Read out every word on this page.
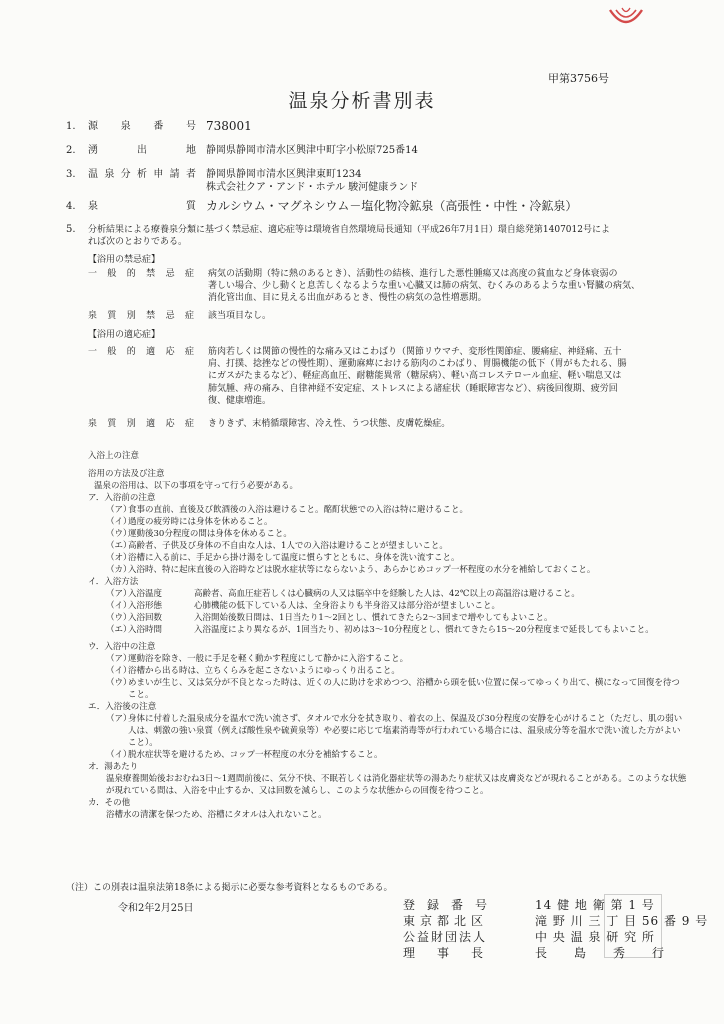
甲第3756号
温泉分析書別表
1.	源 泉 番 号 738001
2.	湧	出	地 静岡県静岡市清水区興津中町字小松原725番14
3.	温 泉 分 析 申 請 者 静岡県静岡市清水区興津東町1234
株式会社クア・アンド・ホテル 駿河健康ランド
4.	泉	質 カルシウム・マグネシウム－塩化物冷鉱泉（高張性・中性・冷鉱泉）
5. 分析結果による療養泉分類に基づく禁忌症、適応症等は環境省自然環境局長通知（平成26年7月1日）環自総発第1407012号によ
れば次のとおりである。
【浴用の禁忌症】
一 般 的 禁 忌 症 病気の活動期（特に熱のあるとき）、活動性の結核、進行した悪性腫瘍又は高度の貧血など身体衰弱の
著しい場合、少し動くと息苦しくなるような重い心臓又は肺の病気、むくみのあるような重い腎臓の病気、
消化管出血、目に見える出血があるとき、慢性の病気の急性増悪期。
泉 質 別 禁 忌 症 該当項目なし。
【浴用の適応症】
一 般 的 適 応 症 筋肉若しくは関節の慢性的な痛み又はこわばり（関節リウマチ、変形性関節症、腰痛症、神経痛、五十
肩、打撲、捻挫などの慢性期）、運動麻痺における筋肉のこわばり、胃腸機能の低下（胃がもたれる、腸
にガスがたまるなど）、軽症高血圧、耐糖能異常（糖尿病）、軽い高コレステロール血症、軽い喘息又は
肺気腫、痔の痛み、自律神経不安定症、ストレスによる諸症状（睡眠障害など）、病後回復期、疲労回
復、健康増進。
泉 質 別 適 応 症 きりきず、末梢循環障害、冷え性、うつ状態、皮膚乾燥症。
入浴上の注意
浴用の方法及び注意
温泉の浴用は、以下の事項を守って行う必要がある。
ア．入浴前の注意
（ア）
食事の直前、直後及び飲酒後の入浴は避けること。酩酊状態での入浴は特に避けること。
（イ）
過度の疲労時には身体を休めること。
（ウ）
運動後30分程度の間は身体を休めること。
（エ）
高齢者、子供及び身体の不自由な人は、1人での入浴は避けることが望ましいこと。
（オ）
浴槽に入る前に、手足から掛け湯をして温度に慣らすとともに、身体を洗い流すこと。
（カ）
入浴時、特に起床直後の入浴時などは脱水症状等にならないよう、あらかじめコップ一杯程度の水分を補給しておくこと。
イ．入浴方法
（ア）
入浴温度	高齢者、高血圧症若しくは心臓病の人又は脳卒中を経験した人は、42℃以上の高温浴は避けること。
（イ）
入浴形態	心肺機能の低下している人は、全身浴よりも半身浴又は部分浴が望ましいこと。
（ウ）
入浴回数	入浴開始後数日間は、1日当たり1～2回とし、慣れてきたら2～3回まで増やしてもよいこと。
（エ）
入浴時間	入浴温度により異なるが、1回当たり、初めは3～10分程度とし、慣れてきたら15～20分程度まで延長してもよいこと。
ウ．入浴中の注意
（ア）
運動浴を除き、一般に手足を軽く動かす程度にして静かに入浴すること。
（イ）
浴槽から出る時は、立ちくらみを起こさないようにゆっくり出ること。
（ウ）
めまいが生じ、又は気分が不良となった時は、近くの人に助けを求めつつ、浴槽から頭を低い位置に保ってゆっくり出て、横になって回復を待つこと。
エ．入浴後の注意
（ア）
身体に付着した温泉成分を温水で洗い流さず、タオルで水分を拭き取り、着衣の上、保温及び30分程度の安静を心がけること（ただし、肌の弱い人は、刺激の強い泉質（例えば酸性泉や硫黄泉等）や必要に応じて塩素消毒等が行われている場合には、温泉成分等を温水で洗い流した方がよいこと）。
（イ）
脱水症状等を避けるため、コップ一杯程度の水分を補給すること。
オ．湯あたり
温泉療養開始後おおむね3日～1週間前後に、気分不快、不眠若しくは消化器症状等の湯あたり症状又は皮膚炎などが現れることがある。このような状態が現れている間は、入浴を中止するか、又は回数を減らし、このような状態からの回復を待つこと。
カ．その他
浴槽水の清潔を保つため、浴槽にタオルは入れないこと。
（注）この別表は温泉法第18条による掲示に必要な参考資料となるものである。
令和2年2月25日	登録番号	14 健 地 衛 第 1 号
東京都北区	滝 野 川 三 丁 目 56 番 9 号
公益財団法人	中 央 温 泉 研 究 所
理事長 長　　島　　秀　　行
